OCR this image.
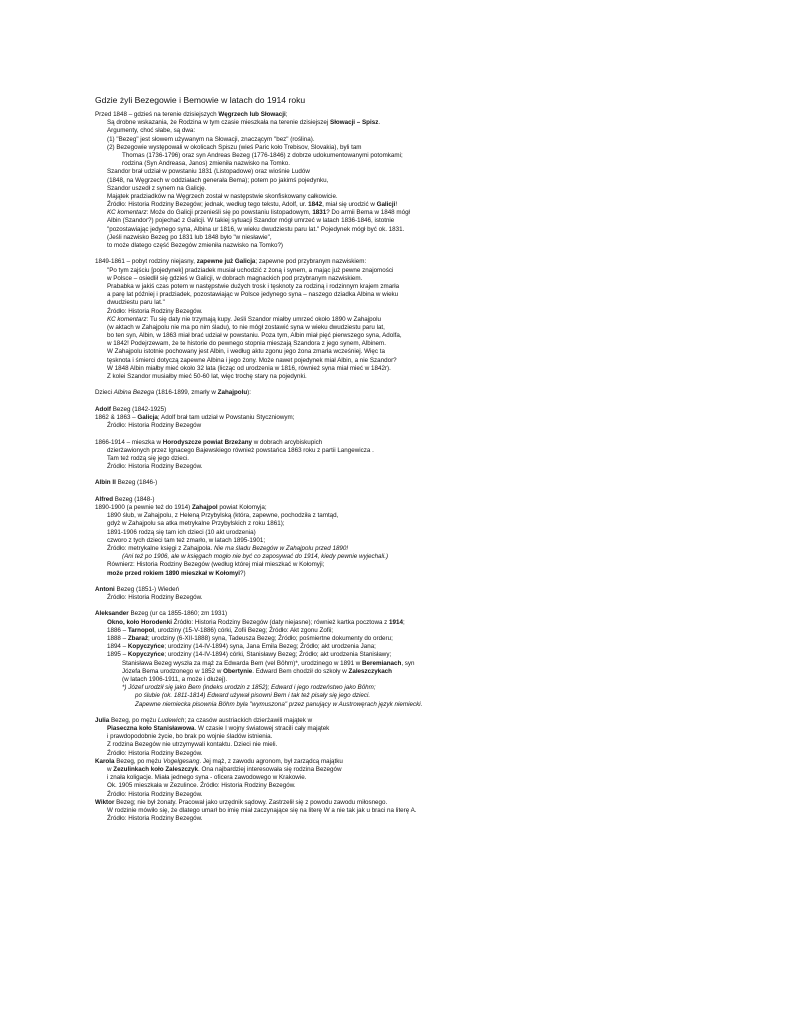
Gdzie żyli Bezegowie i Bemowie w latach do 1914 roku
Przed 1848 – gdzieś na terenie dzisiejszych Węgrzech lub Słowacji;
Są drobne wskazania, że Rodzina w tym czasie mieszkała na terenie dzisiejszej Słowacji – Spisz.
Argumenty, choć słabe, są dwa:
(1) "Bezeg" jest słowem używanym na Słowacji, znaczącym "bez" (roślina).
(2) Bezegowie występowali w okolicach Spiszu (wieś Paric koło Trebisov, Slovakia), byli tam
Thomas (1736-1796) oraz syn Andreas Bezeg (1776-1846) z dobrze udokumentowanymi potomkami;
rodzina (Syn Andreasa, Janos) zmieniła nazwisko na Tomko.
Szandor brał udział w powstaniu 1831 (Listopadowe) oraz wiośnie Ludów
(1848, na Węgrzech w oddziałach generała Bema); potem po jakimś pojedynku,
Szandor uszedł z synem na Galicję.
Majątek pradziadków na Węgrzech został w następstwie skonfiskowany całkowicie.
Źródło: Historia Rodziny Bezegów; jednak, według tego tekstu, Adolf, ur. 1842, miał się urodzić w Galicji!
KC komentarz: Może do Galicji przenieśli się po powstaniu listopadowym, 1831? Do armii Bema w 1848 mógł
Albin (Szandor?) pojechać z Galicji. W takiej sytuacji Szandor mógł umrzeć w latach 1836-1846, istotnie
"pozostawiając jedynego syna, Albina ur 1816, w wieku dwudziestu paru lat." Pojedynek mógł być ok. 1831.
(Jeśli nazwisko Bezeg po 1831 lub 1848 było "w niesławie",
to może dlatego część Bezegów zmieniła nazwisko na Tomko?)
1849-1861 – pobyt rodziny niejasny, zapewne już Galicja; zapewne pod przybranym nazwiskiem:
"Po tym zajściu [pojedynek] pradziadek musiał uchodzić z żoną i synem, a mając już pewne znajomości
w Polsce – osiedlił się gdzieś w Galicji, w dobrach magnackich pod przybranym nazwiskiem.
Prababka w jakiś czas potem w następstwie dużych trosk i tęsknoty za rodziną i rodzinnym krajem zmarła
a parę lat później i pradziadek, pozostawiając w Polsce jedynego syna – naszego dziadka Albina w wieku
dwudziestu paru lat."
Źródło: Historia Rodziny Bezegów.
KC komentarz: Tu się daty nie trzymają kupy. Jeśli Szandor miałby umrzeć około 1890 w Zahajpolu
(w aktach w Zahajpolu nie ma po nim śladu), to nie mógł zostawić syna w wieku dwudziestu paru lat,
bo ten syn, Albin, w 1863 miał brać udział w powstaniu. Poza tym, Albin miał pięć pierwszego syna, Adolfa,
w 1842! Podejrzewam, że te historie do pewnego stopnia mieszają Szandora z jego synem, Albinem.
W Zahajpolu istotnie pochowany jest Albin, i według aktu zgonu jego żona zmarła wcześniej. Więc ta
tęsknota i śmierci dotyczą zapewne Albina i jego żony. Może nawet pojedynek miał Albin, a nie Szandor?
W 1848 Albin miałby mieć około 32 lata (licząc od urodzenia w 1816, również syna miał mieć w 1842r).
Z kolei Szandor musiałby mieć 50-60 lat, więc trochę stary na pojedynki.
Dzieci Albina Bezega (1816-1899, zmarły w Zahajpolu):
Adolf Bezeg (1842-1925)
1862 & 1863 – Galicja; Adolf brał tam udział w Powstaniu Styczniowym;
Źródło: Historia Rodziny Bezegów
1866-1914 – mieszka w Horodyszcze powiat Brzeżany w dobrach arcybiskupich
dzierżawionych przez Ignacego Bajewskiego również powstańca 1863 roku z partii Langewicza .
Tam też rodzą się jego dzieci.
Źródło: Historia Rodziny Bezegów.
Albin II Bezeg (1846-)
Alfred Bezeg (1848-)
1890-1900 (a pewnie też do 1914) Zahajpol powiat Kołomyja;
1890 ślub, w Zahajpolu, z Heleną Przybylską (która, zapewne, pochodziła z tamtąd,
gdyż w Zahajpolu sa atka metrykalne Przybylskich z roku 1861);
1891-1906 rodzą się tam ich dzieci (10 akt urodzenia)
czworo z tych dzieci tam też zmarło, w latach 1895-1901;
Źródło: metrykalne księgi z Zahajpola. Nie ma śladu Bezegów w Zahajpolu przed 1890!
(Ani też po 1906, ale w księgach mogło nie być co zaposywać do 1914, kiedy pewnie wyjechali.)
Równierz: Historia Rodziny Bezegów (według której miał mieszkać w Kołomyji;
może przed rokiem 1890 mieszkał w Kołomyi?)
Antoni Bezeg (1851-) Wiedeń
Źródło: Historia Rodziny Bezegów.
Aleksander Bezeg (ur ca 1855-1860; zm 1931)
Okno, koło Horodenki Źródło: Historia Rodziny Bezegów (daty niejasne); również kartka pocztowa z 1914;
1886 – Tarnopol, urodziny (15-V-1886) córki, Zofii Bezeg; Źródło: Akt zgonu Zofii;
1888 – Zbaraż; urodziny (6-XII-1888) syna, Tadeusza Bezeg; Źródło; pośmiertne dokumenty do orderu;
1894 – Kopyczyńce; urodziny (14-IV-1894) syna, Jana Emila Bezeg; Źródło; akt urodzenia Jana;
1895 – Kopyczyńce; urodziny (14-IV-1894) córki, Stanisławy Bezeg; Źródło; akt urodzenia Stanisławy;
Stanisława Bezeg wyszła za mąż za Edwarda Bem (vel Böhm)*, urodzinego w 1891 w Beremianach, syn
Józefa Bema urodzonego w 1852 w Obertynie. Edward Bem chodził do szkoły w Zaleszczykach
(w latach 1906-1911, a może i dłużej).
*) Józef urodził się jako Bem (indeks urodzin z 1852); Edward i jego rodzeństwo jako Böhm;
po ślubie (ok. 1811-1814) Edward używał pisowni Bem i tak też pisały się jego dzieci.
Zapewne niemiecka pisownia Böhm była "wymuszona" przez panujący w Austrowęrach język niemiecki.
Julia Bezeg, po mężu Ludewich; za czasów austriackich dzierżawili majątek w
Piaseczna koło Stanisławowa. W czasie I wojny światowej stracili cały majątek
i prawdopodobnie życie, bo brak po wojnie śladów istnienia.
Z rodzina Bezegów nie utrzymywali kontaktu. Dzieci nie mieli.
Źródło: Historia Rodziny Bezegów.
Karola Bezeg, po mężu Vogelgesang. Jej mąż, z zawodu agronom, był zarządcą majątku
w Zezulinkach koło Zaleszczyk. Ona najbardziej interesowała się rodzina Bezegów
i znała koligacje. Miała jednego syna - oficera zawodowego w Krakowie.
Ok. 1905 mieszkała w Zezulince. Źródło: Historia Rodziny Bezegów.
Źródło: Historia Rodziny Bezegów.
Wiktor Bezeg; nie był żonaty. Pracował jako urzędnik sądowy. Zastrzelił się z powodu zawodu miłosnego.
W rodzinie mówiło się, że dlatego umarł bo imię miał zaczynające się na literę W a nie tak jak u braci na literę A.
Źródło: Historia Rodziny Bezegów.
